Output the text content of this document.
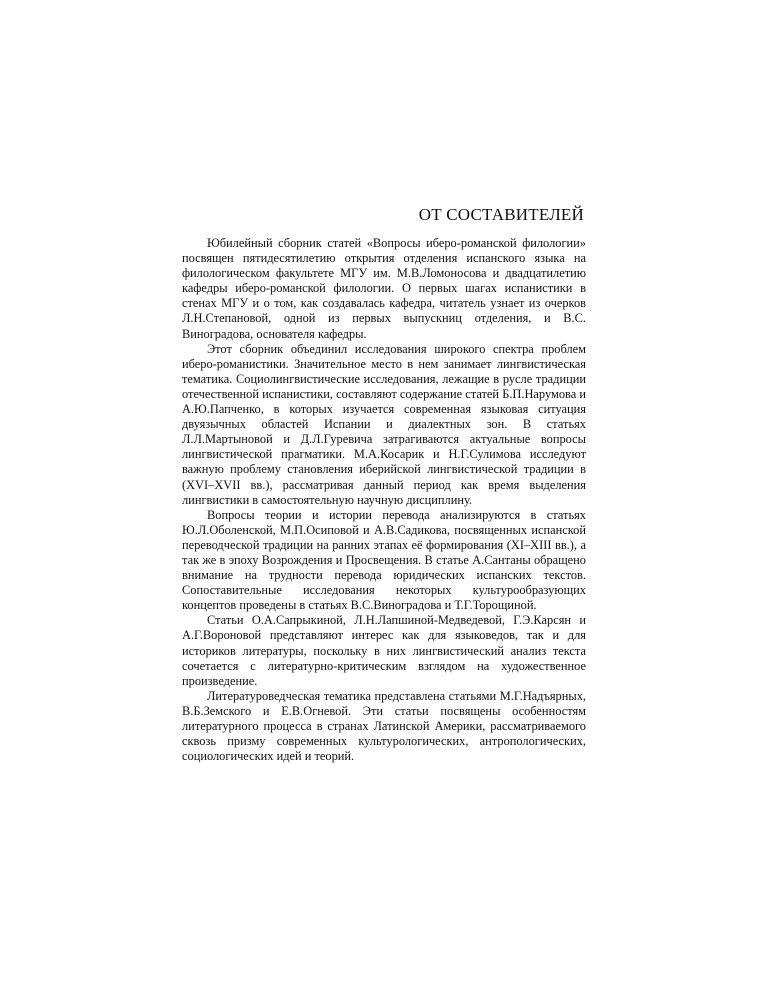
ОТ СОСТАВИТЕЛЕЙ

Юбилейный сборник статей «Вопросы иберо-романской филологии» посвящен пятидесятилетию открытия отделения испанского языка на филологическом факультете МГУ им. М.В.Ломоносова и двадцатилетию кафедры иберо-романской филологии. О первых шагах испанистики в стенах МГУ и о том, как создавалась кафедра, читатель узнает из очерков Л.Н.Степановой, одной из первых выпускниц отделения, и В.С. Виноградова, основателя кафедры.

Этот сборник объединил исследования широкого спектра проблем иберо-романистики. Значительное место в нем занимает лингвистическая тематика. Социолингвистические исследования, лежащие в русле традиции отечественной испанистики, составляют содержание статей Б.П.Нарумова и А.Ю.Папченко, в которых изучается современная языковая ситуация двуязычных областей Испании и диалектных зон. В статьях Л.Л.Мартыновой и Д.Л.Гуревича затрагиваются актуальные вопросы лингвистической прагматики. М.А.Косарик и Н.Г.Сулимова исследуют важную проблему становления иберийской лингвистической традиции в (XVI–XVII вв.), рассматривая данный период как время выделения лингвистики в самостоятельную научную дисциплину.

Вопросы теории и истории перевода анализируются в статьях Ю.Л.Оболенской, М.П.Осиповой и А.В.Садикова, посвященных испанской переводческой традиции на ранних этапах её формирования (XI–XIII вв.), а так же в эпоху Возрождения и Просвещения. В статье А.Сантаны обращено внимание на трудности перевода юридических испанских текстов. Сопоставительные исследования некоторых культурообразующих концептов проведены в статьях В.С.Виноградова и Т.Г.Торощиной.

Статьи О.А.Сапрыкиной, Л.Н.Лапшиной-Медведевой, Г.Э.Карсян и А.Г.Вороновой представляют интерес как для языковедов, так и для историков литературы, поскольку в них лингвистический анализ текста сочетается с литературно-критическим взглядом на художественное произведение.

Литературоведческая тематика представлена статьями М.Г.Надъярных, В.Б.Земского и Е.В.Огневой. Эти статьи посвящены особенностям литературного процесса в странах Латинской Америки, рассматриваемого сквозь призму современных культурологических, антропологических, социологических идей и теорий.
